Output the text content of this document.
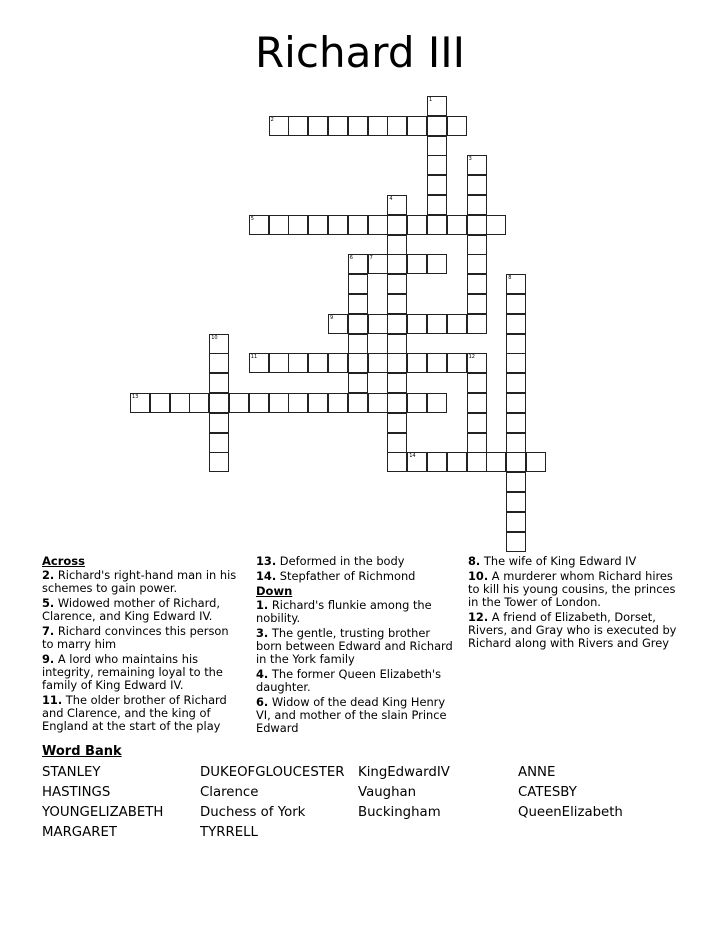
Richard III
1
2
3
4
5
6	7
8
9
10
11	12
13
14
Across
2. Richard's right-hand man in his schemes to gain power.
5. Widowed mother of Richard, Clarence, and King Edward IV.
7. Richard convinces this person to marry him
9. A lord who maintains his integrity, remaining loyal to the family of King Edward IV.
11. The older brother of Richard and Clarence, and the king of England at the start of the play
13. Deformed in the body
14. Stepfather of Richmond
Down
1. Richard's flunkie among the nobility.
3. The gentle, trusting brother born between Edward and Richard in the York family
4. The former Queen Elizabeth's daughter.
6. Widow of the dead King Henry VI, and mother of the slain Prince Edward
8. The wife of King Edward IV
10. A murderer whom Richard hires to kill his young cousins, the princes in the Tower of London.
12. A friend of Elizabeth, Dorset, Rivers, and Gray who is executed by Richard along with Rivers and Grey
Word Bank
STANLEY
HASTINGS
YOUNGELIZABETH
MARGARET
DUKEOFGLOUCESTER
Clarence
Duchess of York
TYRRELL
KingEdwardIV
Vaughan
Buckingham
ANNE
CATESBY
QueenElizabeth
